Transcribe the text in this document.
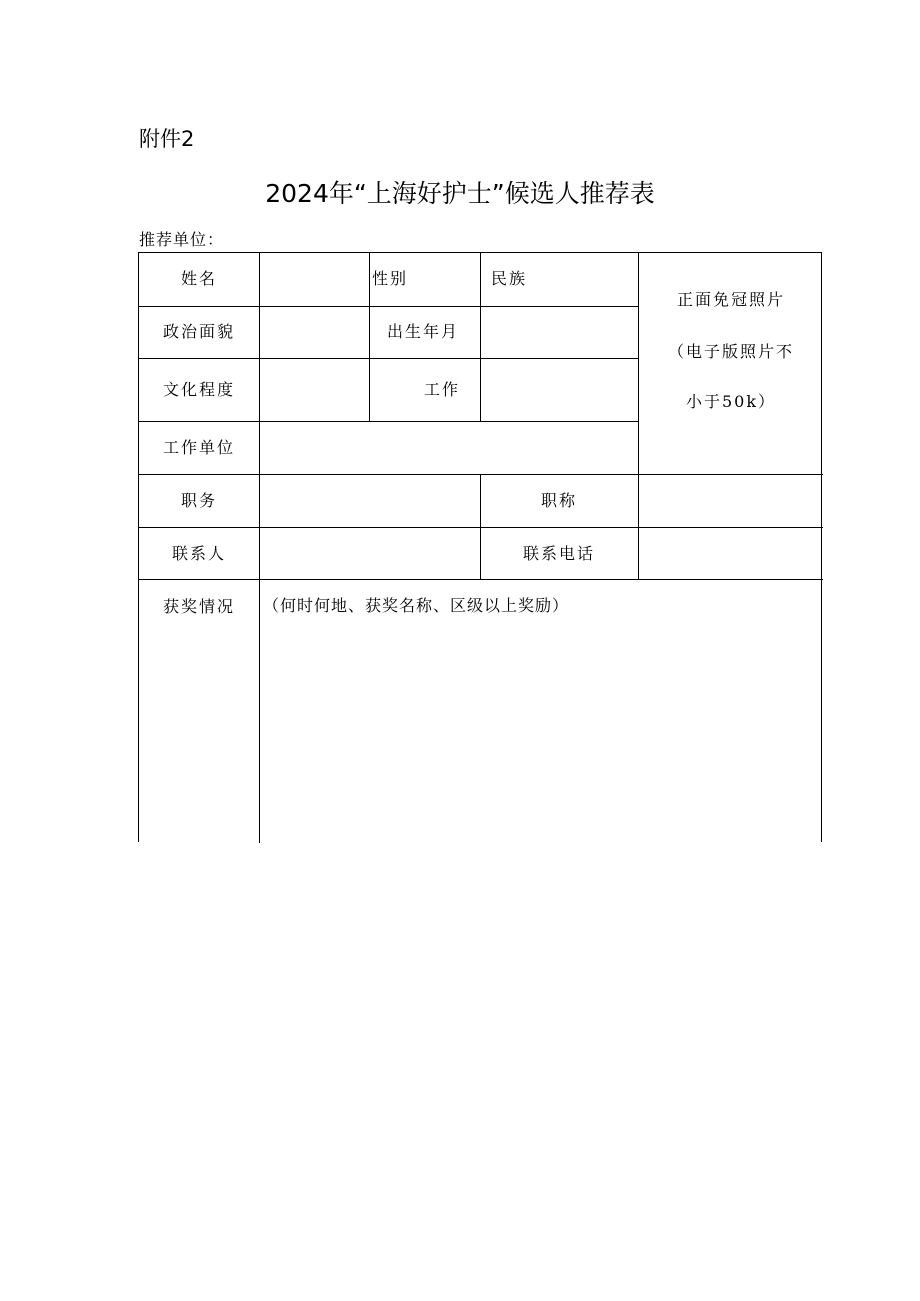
附件2
2024年“上海好护士”候选人推荐表
推荐单位：
姓名	性别	民族
政治面貌	出生年月
文化程度	工作
工作单位
正面免冠照片
（电子版照片不
小于50k）
职务	职称
联系人	联系电话
获奖情况	（何时何地、获奖名称、区级以上奖励）
